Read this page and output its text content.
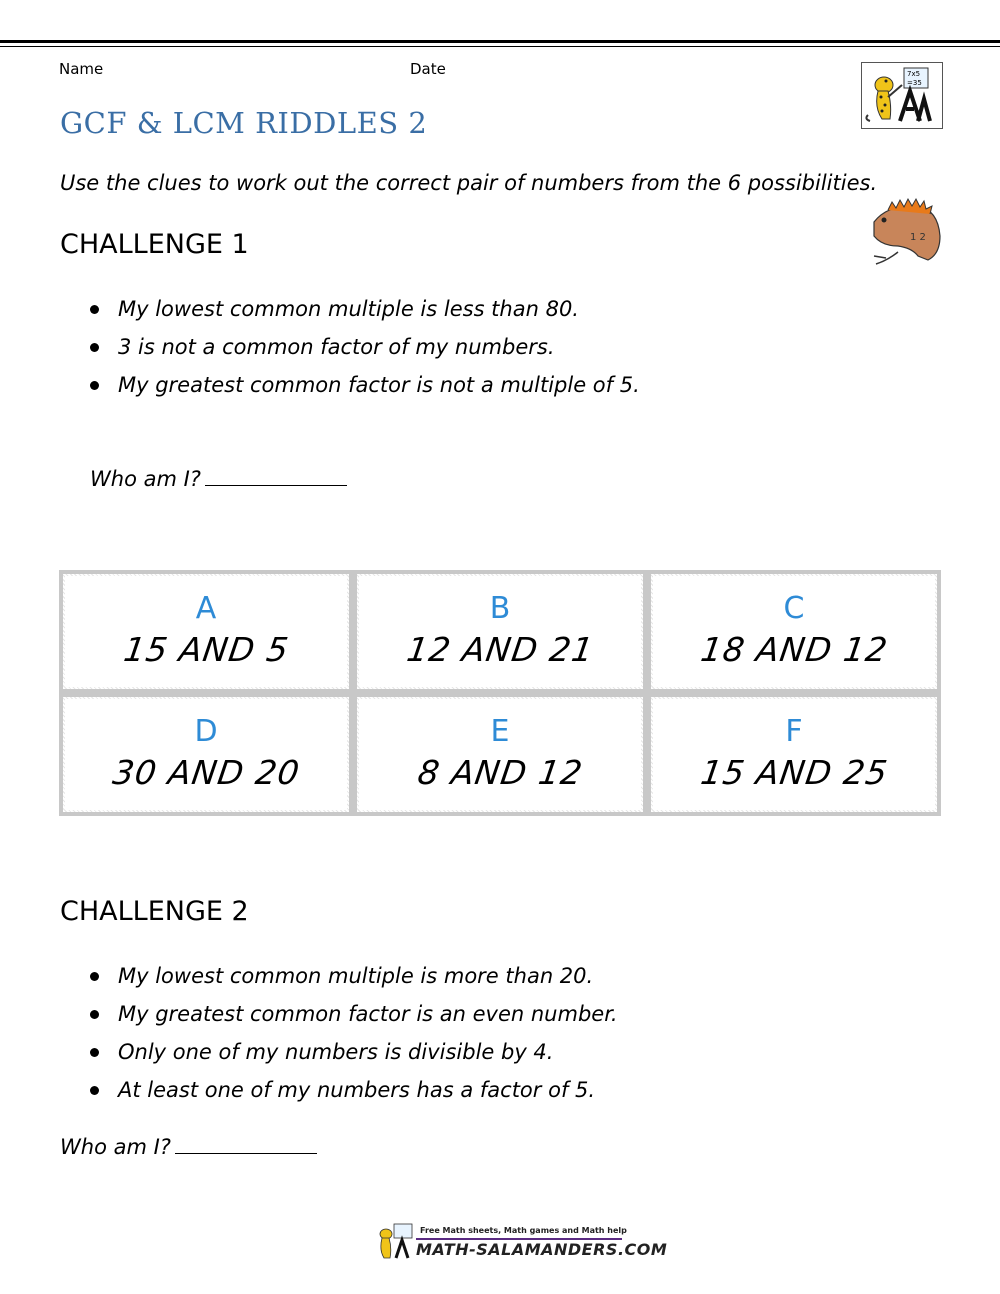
Name	Date	7x5
=35
GCF & LCM RIDDLES 2
Use the clues to work out the correct pair of numbers from the 6 possibilities.
1 2
CHALLENGE 1
My lowest common multiple is less than 80.
3 is not a common factor of my numbers.
My greatest common factor is not a multiple of 5.
Who am I?
A
15 AND 5
B
12 AND 21
C
18 AND 12
D
30 AND 20
E
8 AND 12
F
15 AND 25
CHALLENGE 2
My lowest common multiple is more than 20.
My greatest common factor is an even number.
Only one of my numbers is divisible by 4.
At least one of my numbers has a factor of 5.
Who am I?
Free Math sheets, Math games and Math help
MATH-SALAMANDERS.COM
